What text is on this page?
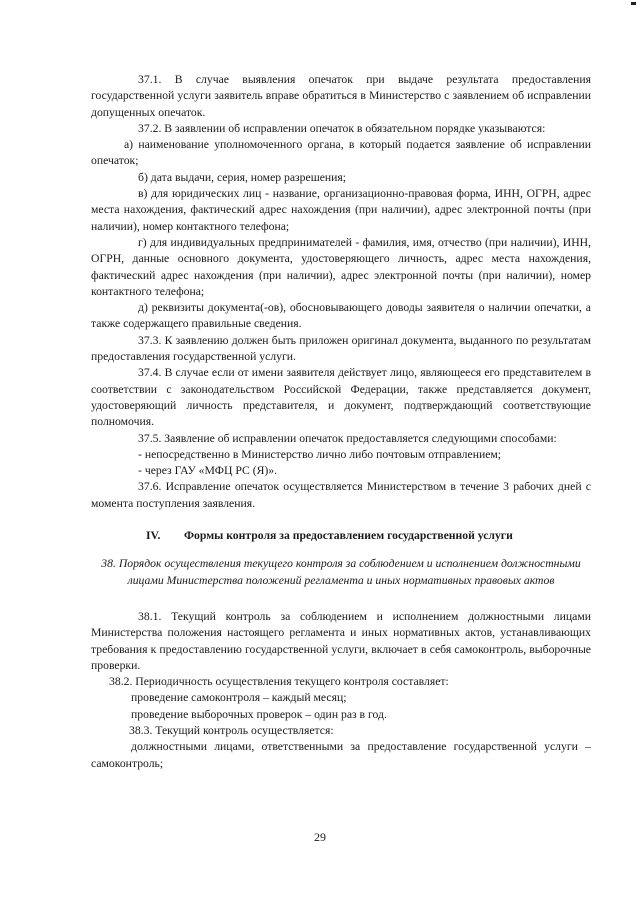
37.1. В случае выявления опечаток при выдаче результата предоставления государственной услуги заявитель вправе обратиться в Министерство с заявлением об исправлении допущенных опечаток.

37.2. В заявлении об исправлении опечаток в обязательном порядке указываются:

а) наименование уполномоченного органа, в который подается заявление об исправлении опечаток;

б) дата выдачи, серия, номер разрешения;

в) для юридических лиц - название, организационно-правовая форма, ИНН, ОГРН, адрес места нахождения, фактический адрес нахождения (при наличии), адрес электронной почты (при наличии), номер контактного телефона;

г) для индивидуальных предпринимателей - фамилия, имя, отчество (при наличии), ИНН, ОГРН, данные основного документа, удостоверяющего личность, адрес места нахождения, фактический адрес нахождения (при наличии), адрес электронной почты (при наличии), номер контактного телефона;

д) реквизиты документа(-ов), обосновывающего доводы заявителя о наличии опечатки, а также содержащего правильные сведения.

37.3. К заявлению должен быть приложен оригинал документа, выданного по результатам предоставления государственной услуги.

37.4. В случае если от имени заявителя действует лицо, являющееся его представителем в соответствии с законодательством Российской Федерации, также представляется документ, удостоверяющий личность представителя, и документ, подтверждающий соответствующие полномочия.

37.5. Заявление об исправлении опечаток предоставляется следующими способами:

- непосредственно в Министерство лично либо почтовым отправлением;

- через ГАУ «МФЦ РС (Я)».

37.6. Исправление опечаток осуществляется Министерством в течение 3 рабочих дней с момента поступления заявления.

IV. Формы контроля за предоставлением государственной услуги

38. Порядок осуществления текущего контроля за соблюдением и исполнением должностными лицами Министерства положений регламента и иных нормативных правовых актов

38.1. Текущий контроль за соблюдением и исполнением должностными лицами Министерства положения настоящего регламента и иных нормативных актов, устанавливающих требования к предоставлению государственной услуги, включает в себя самоконтроль, выборочные проверки.

38.2. Периодичность осуществления текущего контроля составляет:

проведение самоконтроля – каждый месяц;

проведение выборочных проверок – один раз в год.

38.3. Текущий контроль осуществляется:

должностными лицами, ответственными за предоставление государственной услуги – самоконтроль;

29
